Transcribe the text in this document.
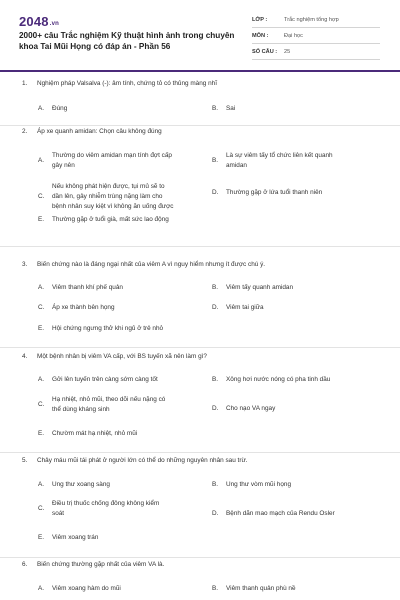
2048.vn
2000+ câu Trắc nghiệm Kỹ thuật hình ảnh trong chuyên khoa Tai Mũi Họng có đáp án - Phần 56
LỚP :	Trắc nghiệm tổng hợp
MÔN :	Đại học
SỐ CÂU :	25
1. Nghiệm pháp Valsalva (-): âm tính, chứng tỏ có thủng màng nhĩ
A. Đúng	B. Sai
2. Áp xe quanh amidan: Chọn câu không đúng
A.
Thường do viêm amidan mạn tính đợt cấp
gây nên
B.
Là sự viêm tấy tổ chức liên kết quanh
amidan
C.
Nếu không phát hiện được, tụi mủ sẽ to
dần lên, gây nhiễm trùng nặng làm cho
bệnh nhân suy kiệt vì không ăn uống được
D. Thường gặp ở lứa tuổi thanh niên
E. Thường gặp ở tuổi già, mất sức lao động
3. Biến chứng nào là đáng ngại nhất của viêm A vì nguy hiểm nhưng ít được chú ý.
A. Viêm thanh khí phế quản	B. Viêm tấy quanh amidan
C. Áp xe thành bên họng	D. Viêm tai giữa
E. Hội chứng ngưng thở khi ngủ ở trẻ nhỏ
4. Một bệnh nhân bị viêm VA cấp, với BS tuyến xã nên làm gì?
A. Gởi lên tuyến trên càng sớm càng tốt	B. Xông hơi nước nóng có pha tinh dầu
C.
Hạ nhiệt, nhỏ mũi, theo dõi nếu nặng có
thể dùng kháng sinh	D. Cho nạo VA ngay
E. Chườm mát hạ nhiệt, nhỏ mũi
5. Chảy máu mũi tái phát ở người lớn có thể do những nguyên nhân sau trừ.
A. Ung thư xoang sàng	B. Ung thư vòm mũi họng
C.
Điều trị thuốc chống đông không kiểm
soát	D. Bệnh dãn mao mạch của Rendu Osler
E. Viêm xoang trán
6. Biến chứng thường gặp nhất của viêm VA là.
A. Viêm xoang hàm do mũi	B. Viêm thanh quản phù nề
